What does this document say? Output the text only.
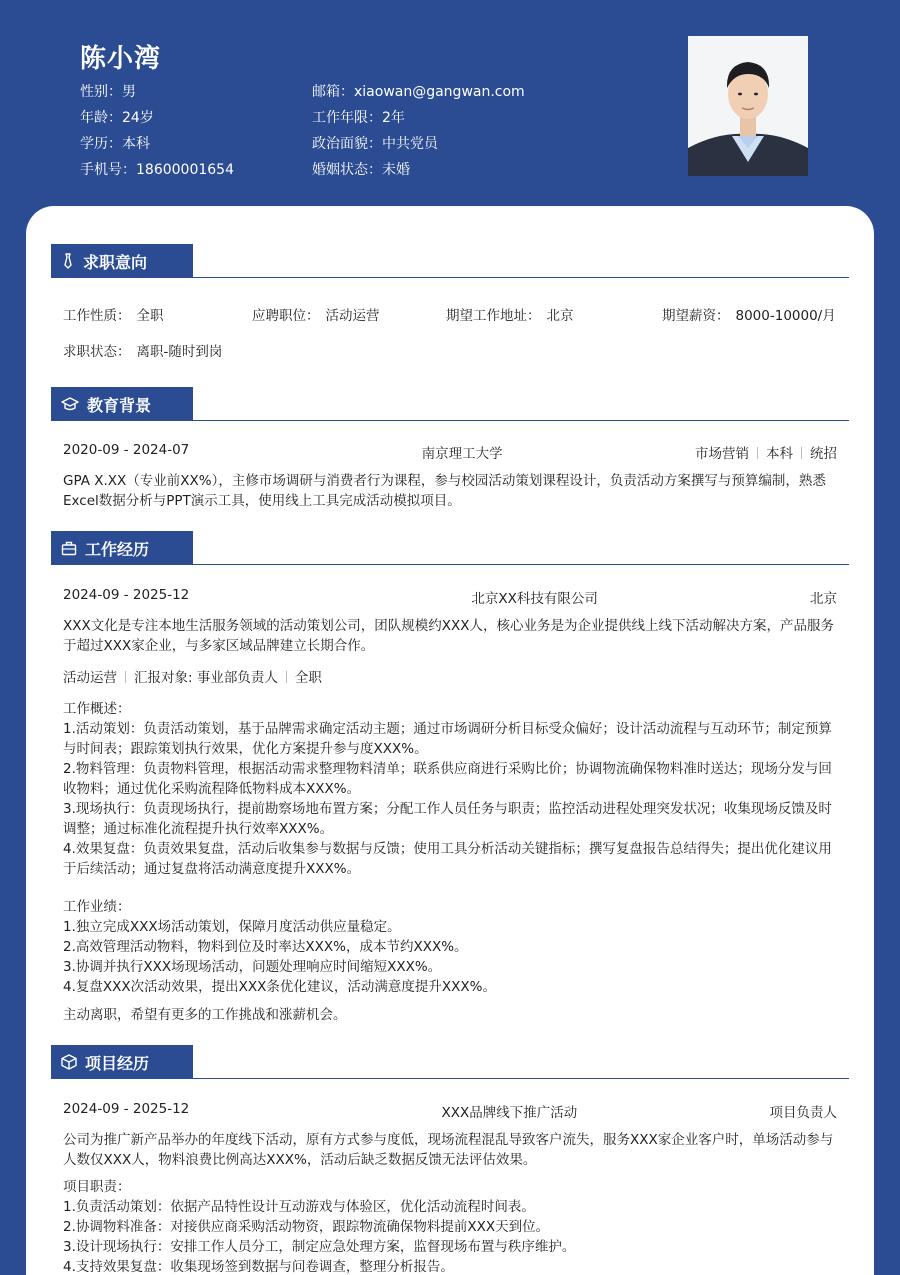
陈小湾
性别：男
年龄：24岁
学历：本科
手机号：18600001654
邮箱：xiaowan@gangwan.com
工作年限：2年
政治面貌：中共党员
婚姻状态：未婚
求职意向
工作性质： 全职	应聘职位： 活动运营	期望工作地址： 北京	期望薪资： 8000-10000/月
求职状态： 离职-随时到岗
教育背景
2020-09 - 2024-07	南京理工大学	市场营销 本科 统招
GPA X.XX（专业前XX%），主修市场调研与消费者行为课程，参与校园活动策划课程设计，负责活动方案撰写与预算编制，熟悉Excel数据分析与PPT演示工具，使用线上工具完成活动模拟项目。
工作经历
2024-09 - 2025-12	北京XX科技有限公司	北京
XXX文化是专注本地生活服务领域的活动策划公司，团队规模约XXX人，核心业务是为企业提供线上线下活动解决方案，产品服务于超过XXX家企业，与多家区域品牌建立长期合作。
活动运营 汇报对象: 事业部负责人 全职
工作概述：
1.活动策划：负责活动策划，基于品牌需求确定活动主题；通过市场调研分析目标受众偏好；设计活动流程与互动环节；制定预算与时间表；跟踪策划执行效果，优化方案提升参与度XXX%。
2.物料管理：负责物料管理，根据活动需求整理物料清单；联系供应商进行采购比价；协调物流确保物料准时送达；现场分发与回收物料；通过优化采购流程降低物料成本XXX%。
3.现场执行：负责现场执行，提前勘察场地布置方案；分配工作人员任务与职责；监控活动进程处理突发状况；收集现场反馈及时调整；通过标准化流程提升执行效率XXX%。
4.效果复盘：负责效果复盘，活动后收集参与数据与反馈；使用工具分析活动关键指标；撰写复盘报告总结得失；提出优化建议用于后续活动；通过复盘将活动满意度提升XXX%。
工作业绩：
1.独立完成XXX场活动策划，保障月度活动供应量稳定。
2.高效管理活动物料，物料到位及时率达XXX%，成本节约XXX%。
3.协调并执行XXX场现场活动，问题处理响应时间缩短XXX%。
4.复盘XXX次活动效果，提出XXX条优化建议，活动满意度提升XXX%。
主动离职，希望有更多的工作挑战和涨薪机会。
项目经历
2024-09 - 2025-12	XXX品牌线下推广活动	项目负责人
公司为推广新产品举办的年度线下活动，原有方式参与度低，现场流程混乱导致客户流失，服务XXX家企业客户时，单场活动参与人数仅XXX人，物料浪费比例高达XXX%，活动后缺乏数据反馈无法评估效果。
项目职责：
1.负责活动策划：依据产品特性设计互动游戏与体验区，优化活动流程时间表。
2.协调物料准备：对接供应商采购活动物资，跟踪物流确保物料提前XXX天到位。
3.设计现场执行：安排工作人员分工，制定应急处理方案，监督现场布置与秩序维护。
4.支持效果复盘：收集现场签到数据与问卷调查，整理分析报告。
